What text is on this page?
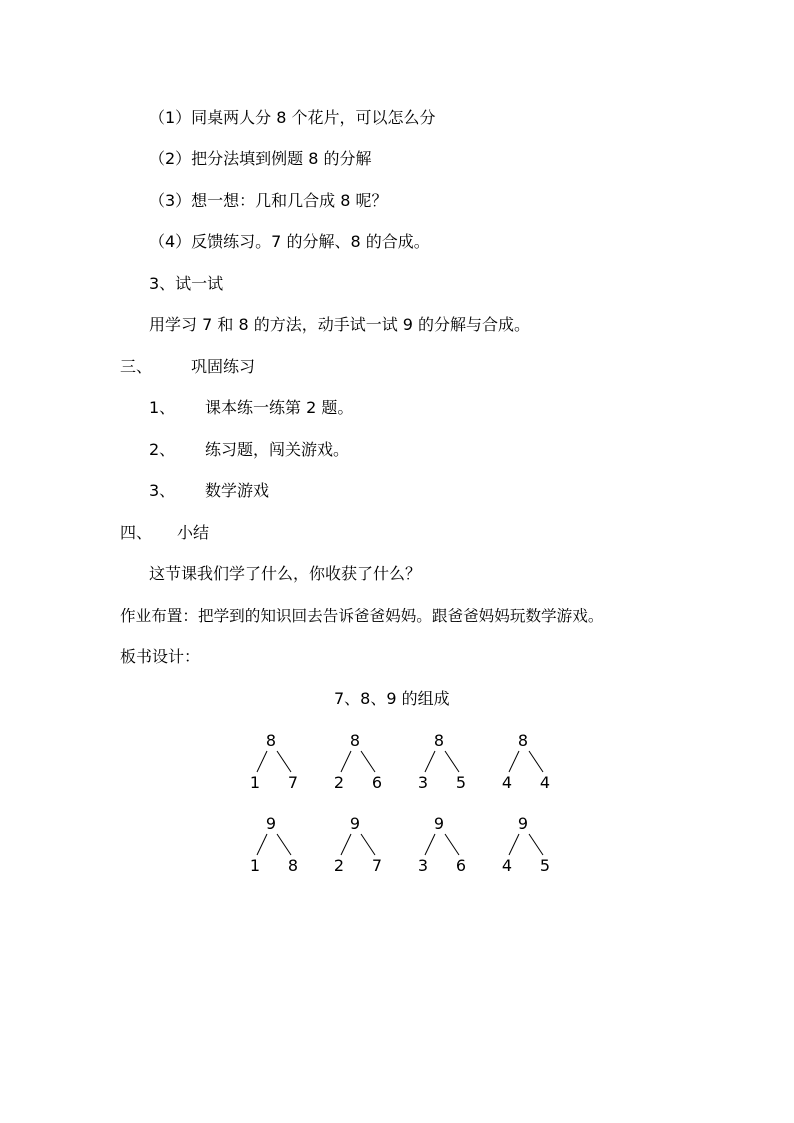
（1）同桌两人分 8 个花片，可以怎么分
（2）把分法填到例题 8 的分解
（3）想一想：几和几合成 8 呢？
（4）反馈练习。7 的分解、8 的合成。
3、试一试
用学习 7 和 8 的方法，动手试一试 9 的分解与合成。
三、 巩固练习
1、 课本练一练第 2 题。
2、 练习题，闯关游戏。
3、 数学游戏
四、 小结
这节课我们学了什么，你收获了什么？
作业布置：把学到的知识回去告诉爸爸妈妈。跟爸爸妈妈玩数学游戏。
板书设计：
7、8、9 的组成
8
1	7
8
2	6
8
3	5
8
4	4
9
1	8
9
2	7
9
3	6
9
4	5
